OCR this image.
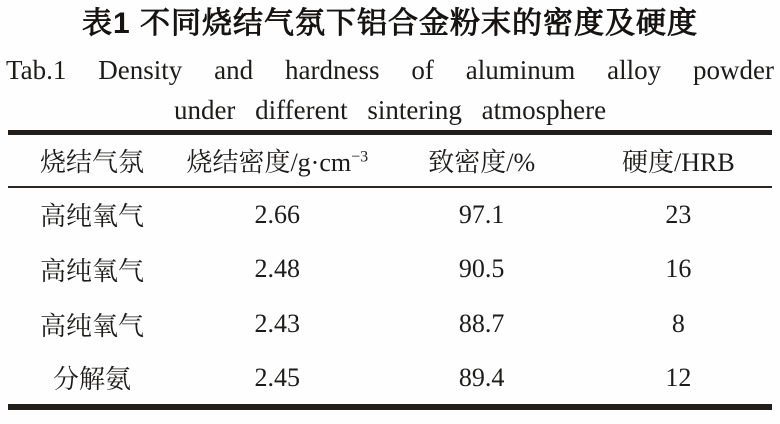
表1 不同烧结气氛下铝合金粉末的密度及硬度
Tab.1 Density and hardness of aluminum alloy powder
under different sintering atmosphere
烧结气氛	烧结密度$/g\cdot cm^{-3}$	致密度/%	硬度/HRB
高纯氧气	2.66	97.1	23
高纯氧气	2.48	90.5	16
高纯氧气	2.43	88.7	8
分解氨	2.45	89.4	12
